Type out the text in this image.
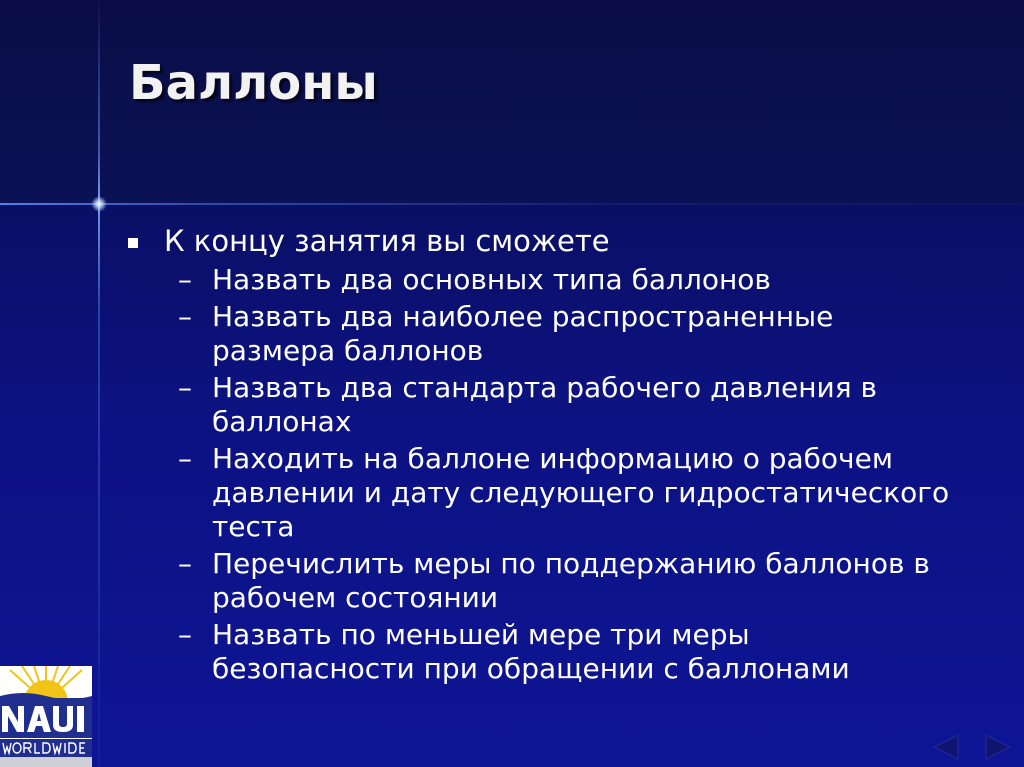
Баллоны
К концу занятия вы сможете
– Назвать два основных типа баллонов
– Назвать два наиболее распространенные размера баллонов
– Назвать два стандарта рабочего давления в баллонах
– Находить на баллоне информацию о рабочем давлении и дату следующего гидростатического теста
– Перечислить меры по поддержанию баллонов в рабочем состоянии
– Назвать по меньшей мере три меры безопасности при обращении с баллонами
